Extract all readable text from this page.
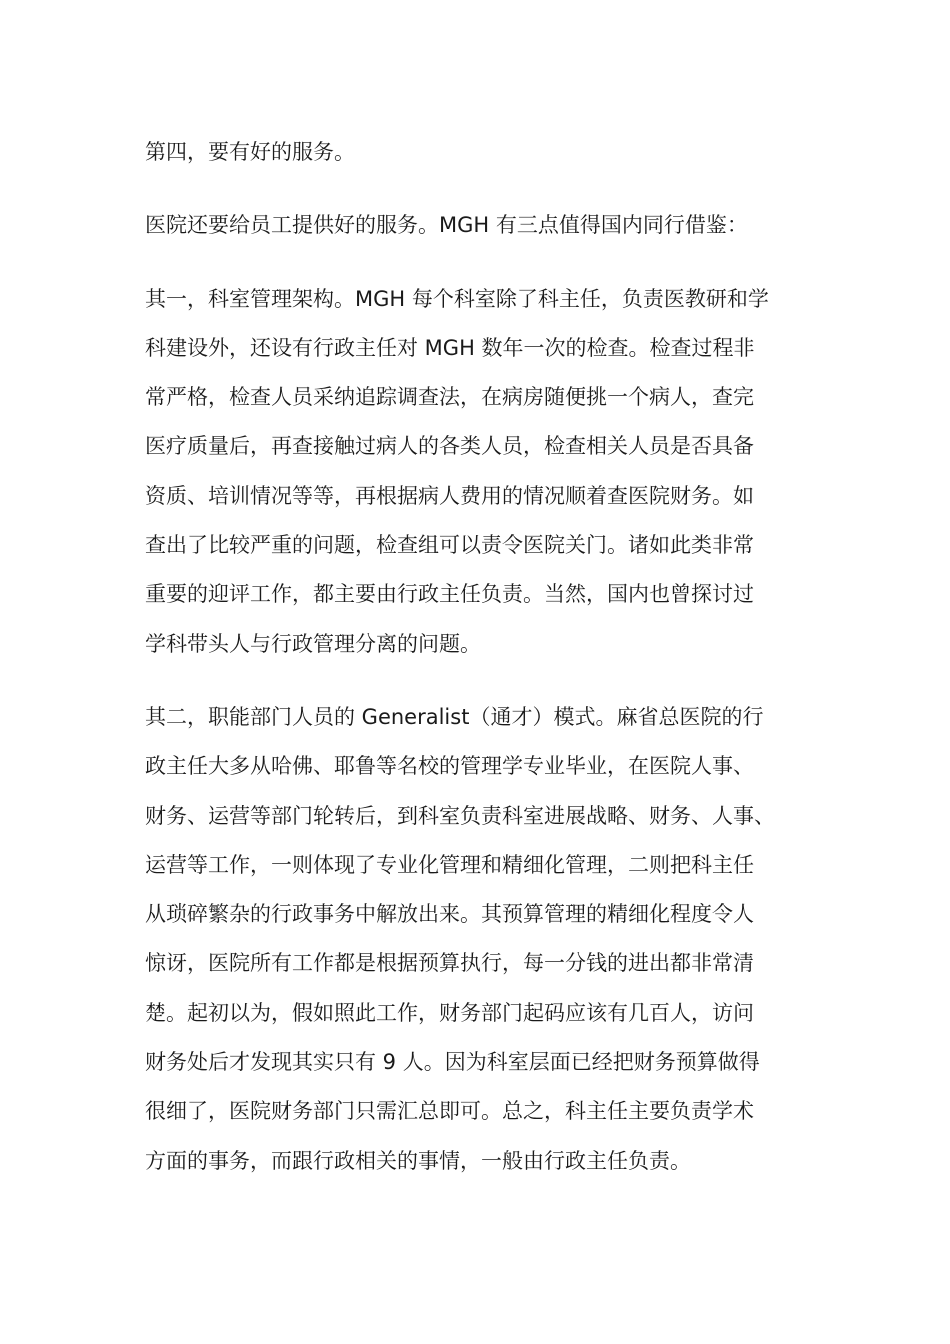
第四，要有好的服务。

医院还要给员工提供好的服务。MGH 有三点值得国内同行借鉴：

其一，科室管理架构。MGH 每个科室除了科主任，负责医教研和学
科建设外，还设有行政主任对 MGH 数年一次的检查。检查过程非
常严格，检查人员采纳追踪调查法，在病房随便挑一个病人，查完
医疗质量后，再查接触过病人的各类人员，检查相关人员是否具备
资质、培训情况等等，再根据病人费用的情况顺着查医院财务。如
查出了比较严重的问题，检查组可以责令医院关门。诸如此类非常
重要的迎评工作，都主要由行政主任负责。当然，国内也曾探讨过
学科带头人与行政管理分离的问题。

其二，职能部门人员的 Generalist（通才）模式。麻省总医院的行
政主任大多从哈佛、耶鲁等名校的管理学专业毕业，在医院人事、
财务、运营等部门轮转后，到科室负责科室进展战略、财务、人事、
运营等工作，一则体现了专业化管理和精细化管理，二则把科主任
从琐碎繁杂的行政事务中解放出来。其预算管理的精细化程度令人
惊讶，医院所有工作都是根据预算执行，每一分钱的进出都非常清
楚。起初以为，假如照此工作，财务部门起码应该有几百人，访问
财务处后才发现其实只有 9 人。因为科室层面已经把财务预算做得
很细了，医院财务部门只需汇总即可。总之，科主任主要负责学术
方面的事务，而跟行政相关的事情，一般由行政主任负责。
